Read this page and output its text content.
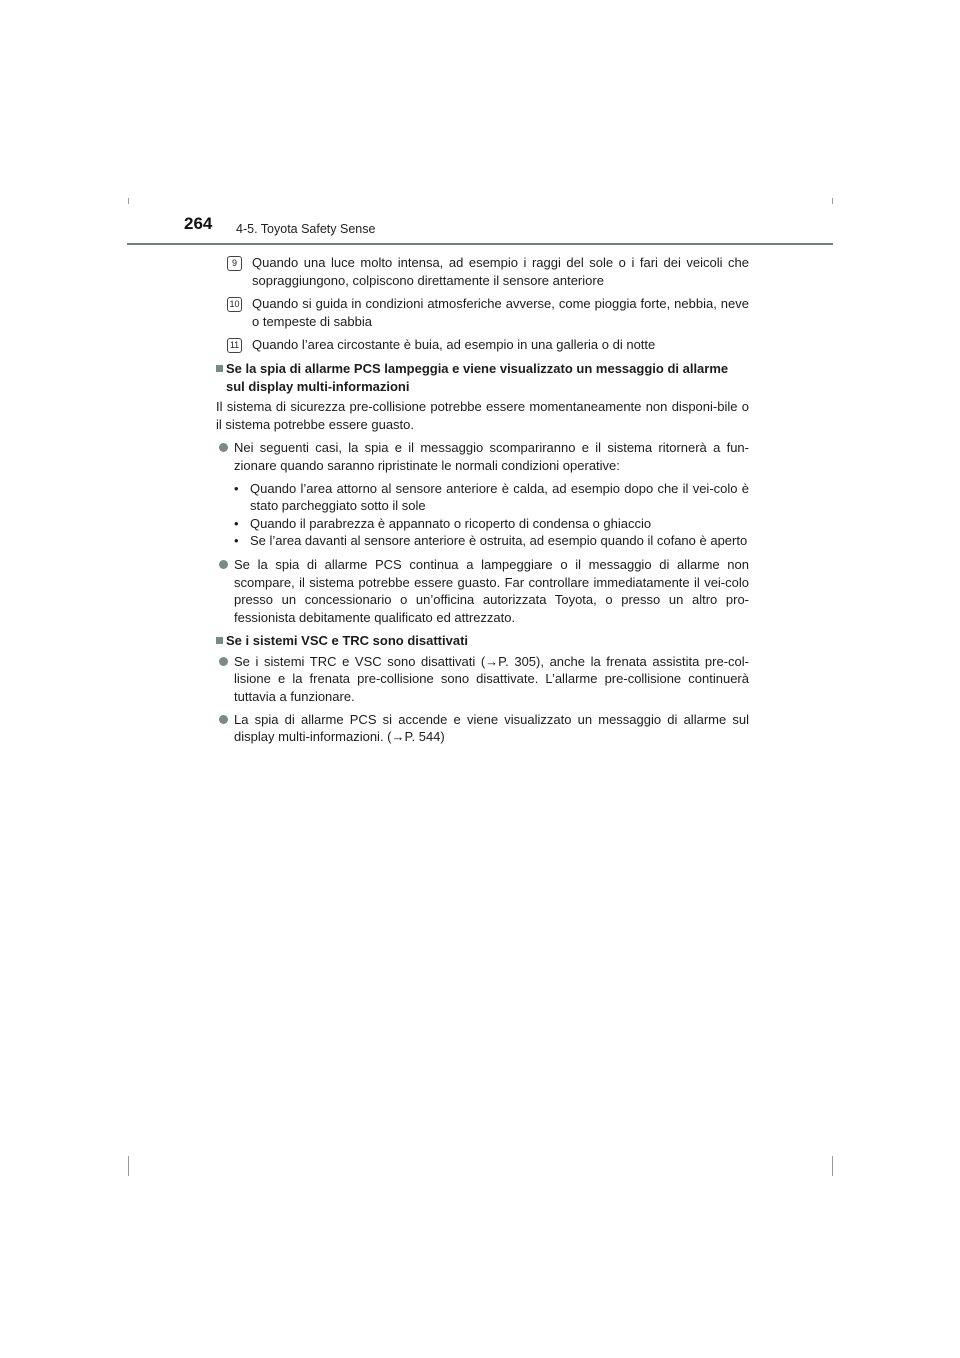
264 4-5. Toyota Safety Sense
9	Quando una luce molto intensa, ad esempio i raggi del sole o i fari dei veicoli che sopraggiungono, colpiscono direttamente il sensore anteriore
10 Quando si guida in condizioni atmosferiche avverse, come pioggia forte, nebbia, neve o tempeste di sabbia
11 Quando l’area circostante è buia, ad esempio in una galleria o di notte
Se la spia di allarme PCS lampeggia e viene visualizzato un messaggio di allarme sul display multi-informazioni
Il sistema di sicurezza pre-collisione potrebbe essere momentaneamente non disponi-bile o il sistema potrebbe essere guasto.
Nei seguenti casi, la spia e il messaggio scompariranno e il sistema ritornerà a fun-zionare quando saranno ripristinate le normali condizioni operative:
• Quando l’area attorno al sensore anteriore è calda, ad esempio dopo che il vei-colo è stato parcheggiato sotto il sole
• Quando il parabrezza è appannato o ricoperto di condensa o ghiaccio
• Se l’area davanti al sensore anteriore è ostruita, ad esempio quando il cofano è aperto
Se la spia di allarme PCS continua a lampeggiare o il messaggio di allarme non scompare, il sistema potrebbe essere guasto. Far controllare immediatamente il vei-colo presso un concessionario o un’officina autorizzata Toyota, o presso un altro pro-fessionista debitamente qualificato ed attrezzato.
Se i sistemi VSC e TRC sono disattivati
Se i sistemi TRC e VSC sono disattivati (→P. 305), anche la frenata assistita pre-col-lisione e la frenata pre-collisione sono disattivate. L’allarme pre-collisione continuerà tuttavia a funzionare.
La spia di allarme PCS si accende e viene visualizzato un messaggio di allarme sul display multi-informazioni. (→P. 544)
